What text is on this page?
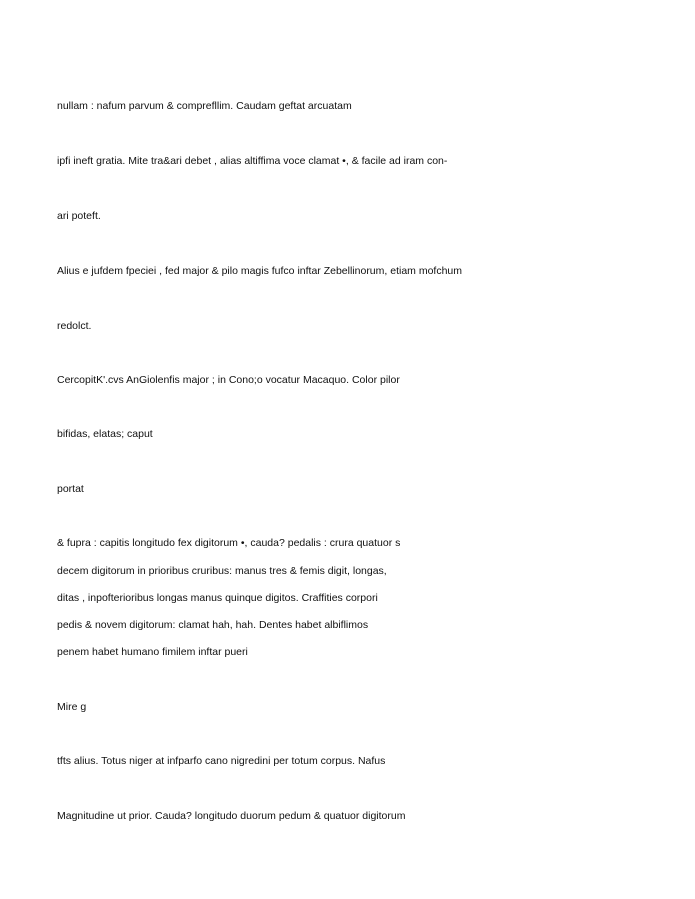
nullam : nafum parvum & comprefllim. Caudam geftat arcuatam
ipfi ineft gratia. Mite tra&ari debet , alias altiffima voce clamat •, & facile ad iram con-
ari poteft.
Alius e jufdem fpeciei , fed major & pilo magis fufco inftar Zebellinorum, etiam mofchum
redolct.
CercopitK'.cvs AnGiolenfis major ; in Cono;o vocatur Macaquo. Color pilor
bifidas, elatas; caput
portat
& fupra : capitis longitudo fex digitorum •, cauda? pedalis : crura quatuor s
decem digitorum in prioribus cruribus: manus tres & femis digit, longas,
ditas , inpofterioribus longas manus quinque digitos. Craffities corpori
pedis & novem digitorum: clamat hah, hah. Dentes habet albiflimos
penem habet humano fimilem inftar pueri
Mire g
tfts alius. Totus niger at infparfo cano nigredini per totum corpus. Nafus
Magnitudine ut prior. Cauda? longitudo duorum pedum & quatuor digitorum
